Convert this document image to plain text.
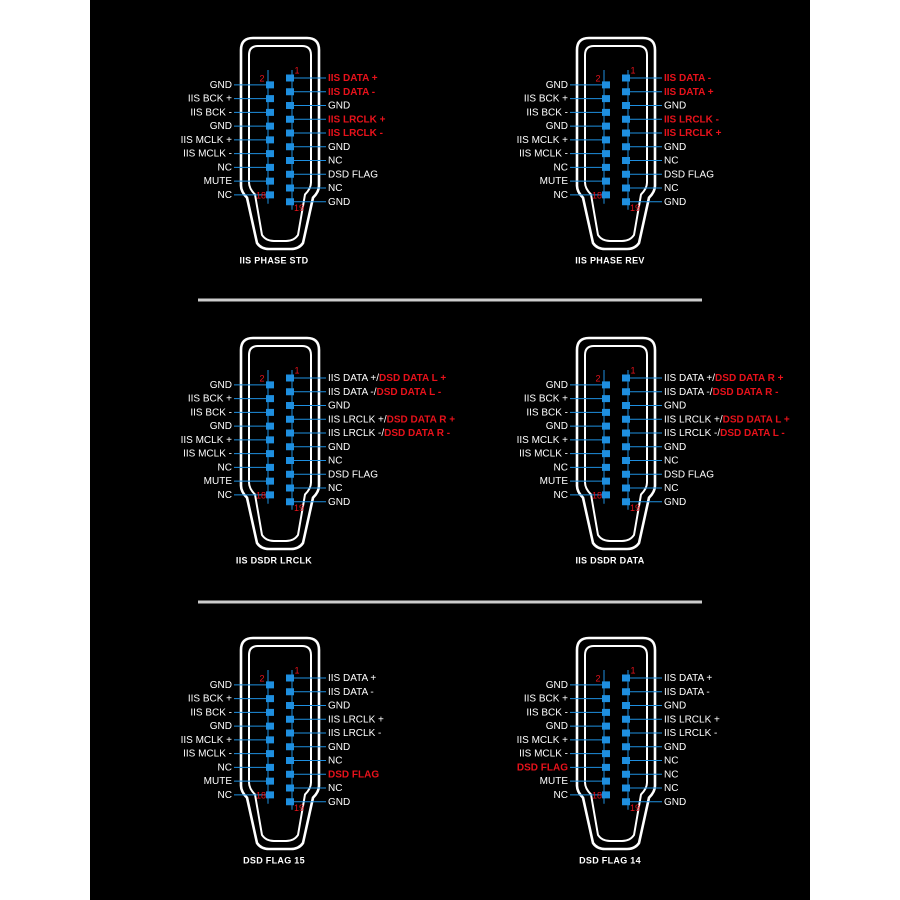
IIS DATA +
IIS DATA -
GND
IIS LRCLK +
IIS LRCLK -
GND
NC
DSD FLAG
NC
GND
GND
IIS BCK +
IIS BCK -
GND
IIS MCLK +
IIS MCLK -
NC
MUTE
NC
1
2
18
19
IIS PHASE STD
IIS DATA -
IIS DATA +
GND
IIS LRCLK -
IIS LRCLK +
GND
NC
DSD FLAG
NC
GND
GND
IIS BCK +
IIS BCK -
GND
IIS MCLK +
IIS MCLK -
NC
MUTE
NC
1
2
18
19
IIS PHASE REV
IIS DATA +/DSD DATA L +
IIS DATA -/DSD DATA L -
GND
IIS LRCLK +/DSD DATA R +
IIS LRCLK -/DSD DATA R -
GND
NC
DSD FLAG
NC
GND
GND
IIS BCK +
IIS BCK -
GND
IIS MCLK +
IIS MCLK -
NC
MUTE
NC
1
2
18
19
IIS DSDR LRCLK
IIS DATA +/DSD DATA R +
IIS DATA -/DSD DATA R -
GND
IIS LRCLK +/DSD DATA L +
IIS LRCLK -/DSD DATA L -
GND
NC
DSD FLAG
NC
GND
GND
IIS BCK +
IIS BCK -
GND
IIS MCLK +
IIS MCLK -
NC
MUTE
NC
1
2
18
19
IIS DSDR DATA
IIS DATA +
IIS DATA -
GND
IIS LRCLK +
IIS LRCLK -
GND
NC
DSD FLAG
NC
GND
GND
IIS BCK +
IIS BCK -
GND
IIS MCLK +
IIS MCLK -
NC
MUTE
NC
1
2
18
19
DSD FLAG 15
IIS DATA +
IIS DATA -
GND
IIS LRCLK +
IIS LRCLK -
GND
NC
NC
NC
GND
GND
IIS BCK +
IIS BCK -
GND
IIS MCLK +
IIS MCLK -
DSD FLAG
MUTE
NC
1
2
18
19
DSD FLAG 14
